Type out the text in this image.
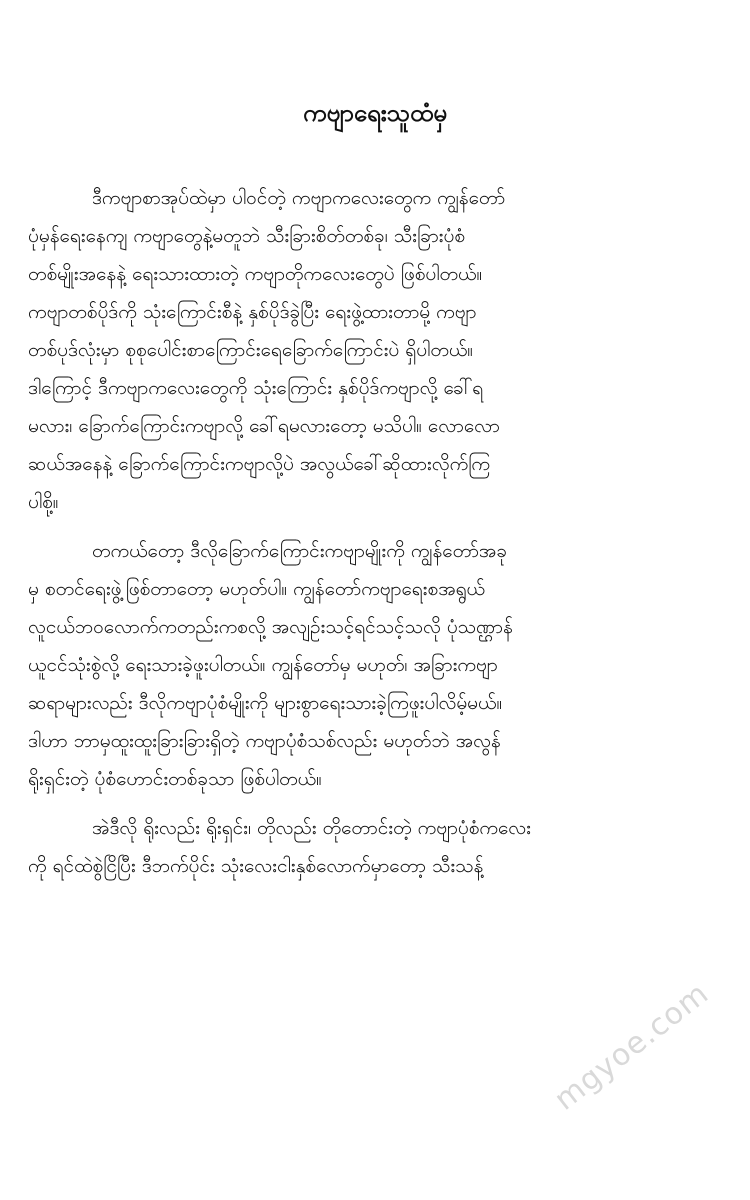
ကဗျာရေးသူထံမှ
ဒီကဗျာစာအုပ်ထဲမှာ ပါဝင်တဲ့ ကဗျာကလေးတွေက ကျွန်တော်
ပုံမှန်ရေးနေကျ ကဗျာတွေနဲ့မတူဘဲ သီးခြားစိတ်တစ်ခု၊ သီးခြားပုံစံ
တစ်မျိုးအနေနဲ့ ရေးသားထားတဲ့ ကဗျာတိုကလေးတွေပဲ ဖြစ်ပါတယ်။
ကဗျာတစ်ပိုဒ်ကို သုံးကြောင်းစီနဲ့ နှစ်ပိုဒ်ခွဲပြီး ရေးဖွဲ့ထားတာမို့ ကဗျာ
တစ်ပုဒ်လုံးမှာ စုစုပေါင်းစာကြောင်းရေခြောက်ကြောင်းပဲ ရှိပါတယ်။
ဒါကြောင့် ဒီကဗျာကလေးတွေကို သုံးကြောင်း နှစ်ပိုဒ်ကဗျာလို့ ခေါ်ရ
မလား၊ ခြောက်ကြောင်းကဗျာလို့ ခေါ်ရမလားတော့ မသိပါ။ လောလော
ဆယ်အနေနဲ့ ခြောက်ကြောင်းကဗျာလို့ပဲ အလွယ်ခေါ်ဆိုထားလိုက်ကြ
ပါစို့။
တကယ်တော့ ဒီလိုခြောက်ကြောင်းကဗျာမျိုးကို ကျွန်တော်အခု
မှ စတင်ရေးဖွဲ့ဖြစ်တာတော့ မဟုတ်ပါ။ ကျွန်တော်ကဗျာရေးစအရွယ်
လူငယ်ဘဝလောက်ကတည်းကစလို့ အလျဉ်းသင့်ရင်သင့်သလို ပုံသဏ္ဌာန်
ယူငင်သုံးစွဲလို့ ရေးသားခဲ့ဖူးပါတယ်။ ကျွန်တော်မှ မဟုတ်၊ အခြားကဗျာ
ဆရာများလည်း ဒီလိုကဗျာပုံစံမျိုးကို များစွာရေးသားခဲ့ကြဖူးပါလိမ့်မယ်။
ဒါဟာ ဘာမှထူးထူးခြားခြားရှိတဲ့ ကဗျာပုံစံသစ်လည်း မဟုတ်ဘဲ အလွန်
ရိုးရှင်းတဲ့ ပုံစံဟောင်းတစ်ခုသာ ဖြစ်ပါတယ်။
အဲဒီလို ရိုးလည်း ရိုးရှင်း၊ တိုလည်း တိုတောင်းတဲ့ ကဗျာပုံစံကလေး
ကို ရင်ထဲစွဲငြိပြီး ဒီဘက်ပိုင်း သုံးလေးငါးနှစ်လောက်မှာတော့ သီးသန့်
mgyoe.com
